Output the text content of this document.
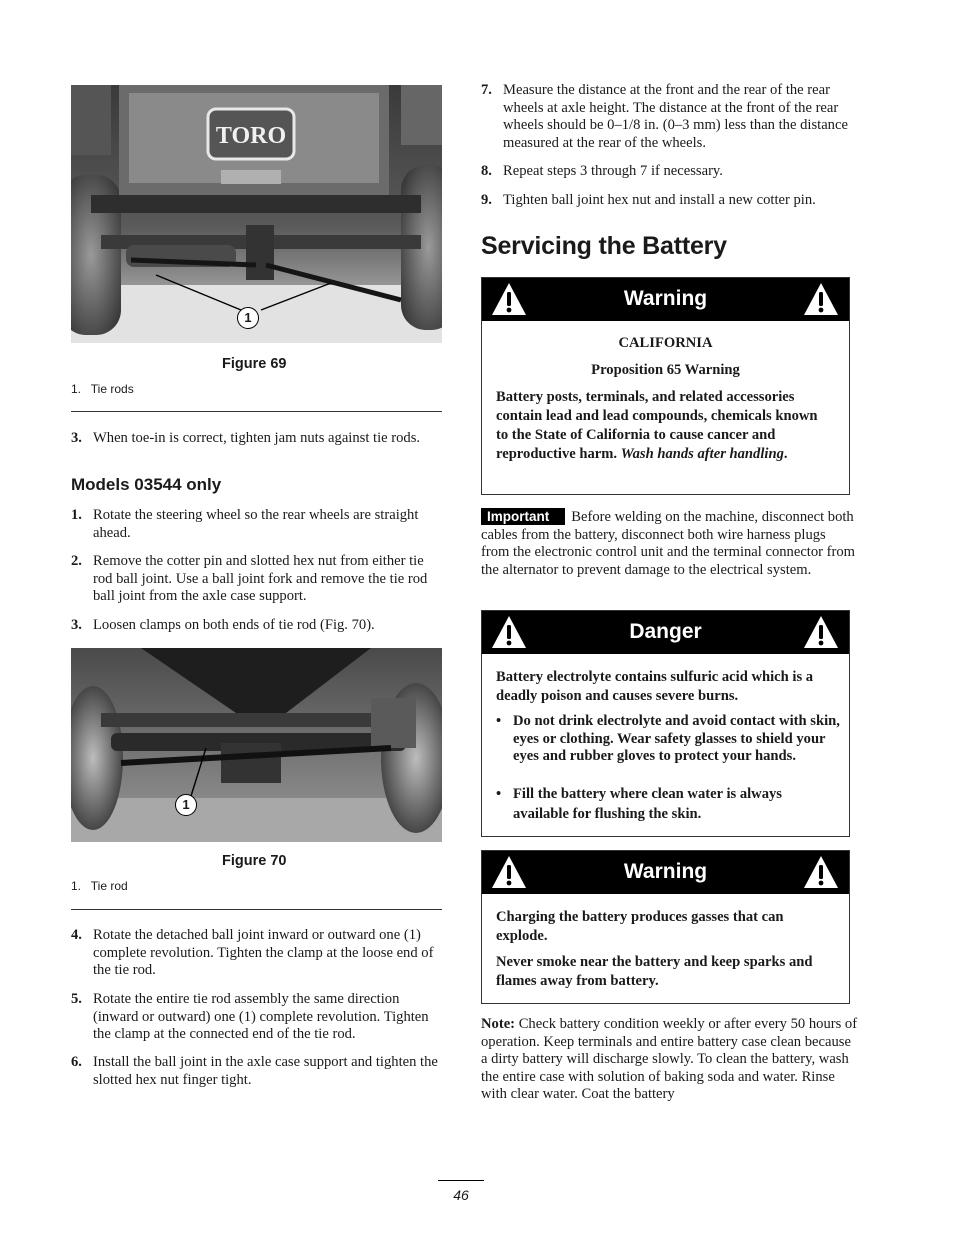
TORO
1
Figure 69
1.   Tie rods
3. When toe-in is correct, tighten jam nuts against tie rods.
Models 03544 only
1. Rotate the steering wheel so the rear wheels are straight ahead.
2. Remove the cotter pin and slotted hex nut from either tie rod ball joint. Use a ball joint fork and remove the tie rod ball joint from the axle case support.
3. Loosen clamps on both ends of tie rod (Fig. 70).
1
Figure 70
1.   Tie rod
4. Rotate the detached ball joint inward or outward one (1) complete revolution. Tighten the clamp at the loose end of the tie rod.
5. Rotate the entire tie rod assembly the same direction (inward or outward) one (1) complete revolution. Tighten the clamp at the connected end of the tie rod.
6. Install the ball joint in the axle case support and tighten the slotted hex nut finger tight.
7. Measure the distance at the front and the rear of the rear wheels at axle height. The distance at the front of the rear wheels should be 0–1/8 in. (0–3 mm) less than the distance measured at the rear of the wheels.
8. Repeat steps 3 through 7 if necessary.
9. Tighten ball joint hex nut and install a new cotter pin.
Servicing the Battery
Warning
CALIFORNIA
Proposition 65 Warning
Battery posts, terminals, and related accessories contain lead and lead compounds, chemicals known to the State of California to cause cancer and reproductive harm. Wash hands after handling.
Important Before welding on the machine, disconnect both cables from the battery, disconnect both wire harness plugs from the electronic control unit and the terminal connector from the alternator to prevent damage to the electrical system.
Danger
Battery electrolyte contains sulfuric acid which is a deadly poison and causes severe burns.
• Do not drink electrolyte and avoid contact with skin, eyes or clothing. Wear safety glasses to shield your eyes and rubber gloves to protect your hands.
• Fill the battery where clean water is always available for flushing the skin.
Warning
Charging the battery produces gasses that can explode.
Never smoke near the battery and keep sparks and flames away from battery.
Note: Check battery condition weekly or after every 50 hours of operation. Keep terminals and entire battery case clean because a dirty battery will discharge slowly. To clean the battery, wash the entire case with solution of baking soda and water. Rinse with clear water. Coat the battery
46
